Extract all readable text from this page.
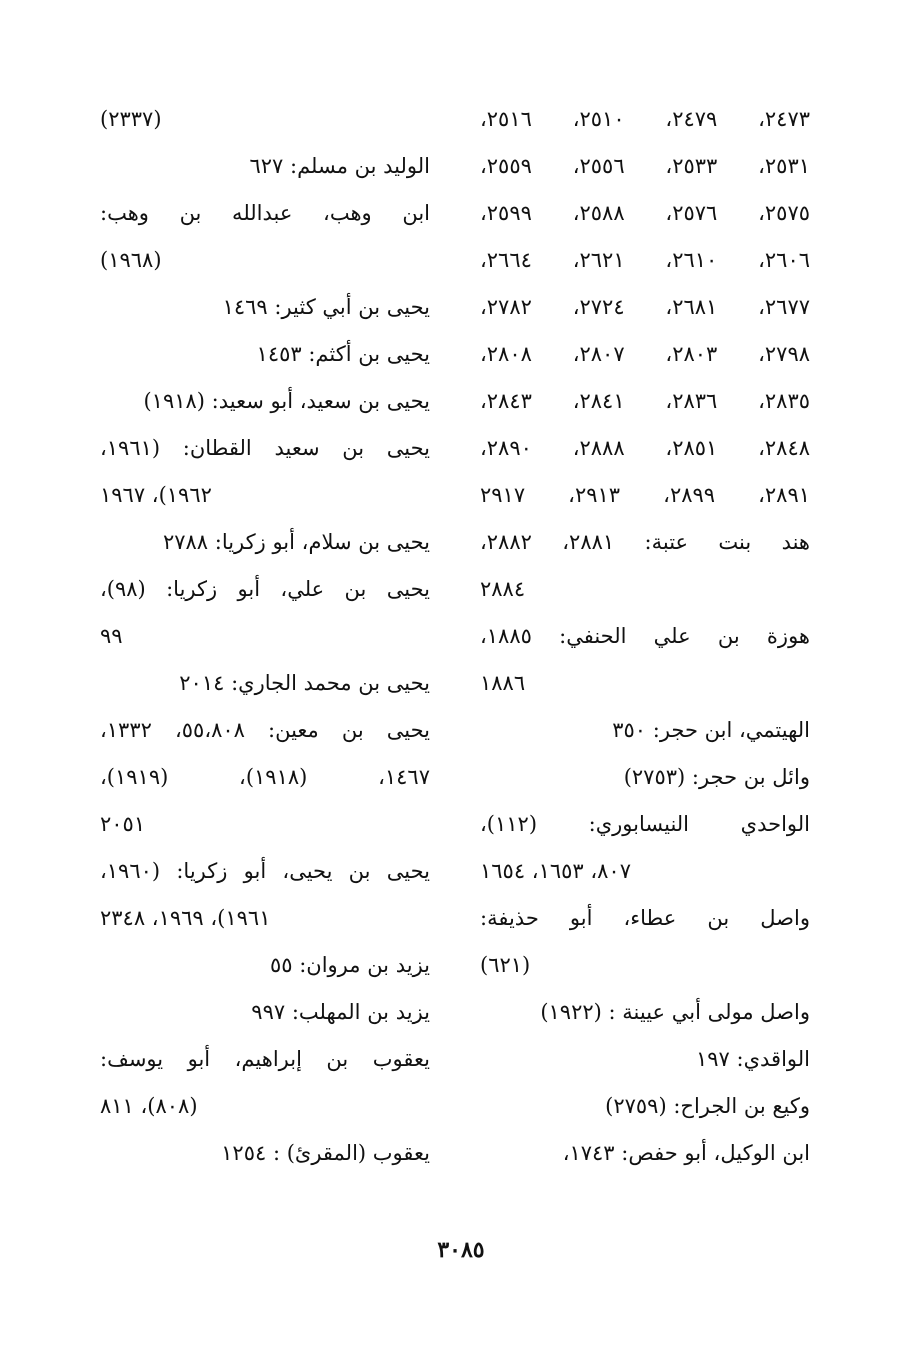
٢٤٧٣، ٢٤٧٩، ٢٥١٠، ٢٥١٦،
٢٥٣١، ٢٥٣٣، ٢٥٥٦، ٢٥٥٩،
٢٥٧٥، ٢٥٧٦، ٢٥٨٨، ٢٥٩٩،
٢٦٠٦، ٢٦١٠، ٢٦٢١، ٢٦٦٤،
٢٦٧٧، ٢٦٨١، ٢٧٢٤، ٢٧٨٢،
٢٧٩٨، ٢٨٠٣، ٢٨٠٧، ٢٨٠٨،
٢٨٣٥، ٢٨٣٦، ٢٨٤١، ٢٨٤٣،
٢٨٤٨، ٢٨٥١، ٢٨٨٨، ٢٨٩٠،
٢٨٩١، ٢٨٩٩، ٢٩١٣، ٢٩١٧
هند بنت عتبة: ٢٨٨١، ٢٨٨٢،
٢٨٨٤
هوزة بن علي الحنفي: ١٨٨٥،
١٨٨٦
الهيتمي، ابن حجر: ٣٥٠
وائل بن حجر: (٢٧٥٣)
الواحدي النيسابوري: (١١٢)،
٨٠٧، ١٦٥٣، ١٦٥٤
واصل بن عطاء، أبو حذيفة:
(٦٢١)
واصل مولى أبي عيينة : (١٩٢٢)
الواقدي: ١٩٧
وكيع بن الجراح: (٢٧٥٩)
ابن الوكيل، أبو حفص: ١٧٤٣،
(٢٣٣٧)
الوليد بن مسلم: ٦٢٧
ابن وهب، عبدالله بن وهب:
(١٩٦٨)
يحيى بن أبي كثير: ١٤٦٩
يحيى بن أكثم: ١٤٥٣
يحيى بن سعيد، أبو سعيد: (١٩١٨)
يحيى بن سعيد القطان: (١٩٦١،
١٩٦٢)، ١٩٦٧
يحيى بن سلام، أبو زكريا: ٢٧٨٨
يحيى بن علي، أبو زكريا: (٩٨)،
٩٩
يحيى بن محمد الجاري: ٢٠١٤
يحيى بن معين: ٥٥،٨٠٨، ١٣٣٢،
١٤٦٧، (١٩١٨)، (١٩١٩)،
٢٠٥١
يحيى بن يحيى، أبو زكريا: (١٩٦٠،
١٩٦١)، ١٩٦٩، ٢٣٤٨
يزيد بن مروان: ٥٥
يزيد بن المهلب: ٩٩٧
يعقوب بن إبراهيم، أبو يوسف:
(٨٠٨)، ٨١١
يعقوب (المقرئ) : ١٢٥٤
٣٠٨٥
